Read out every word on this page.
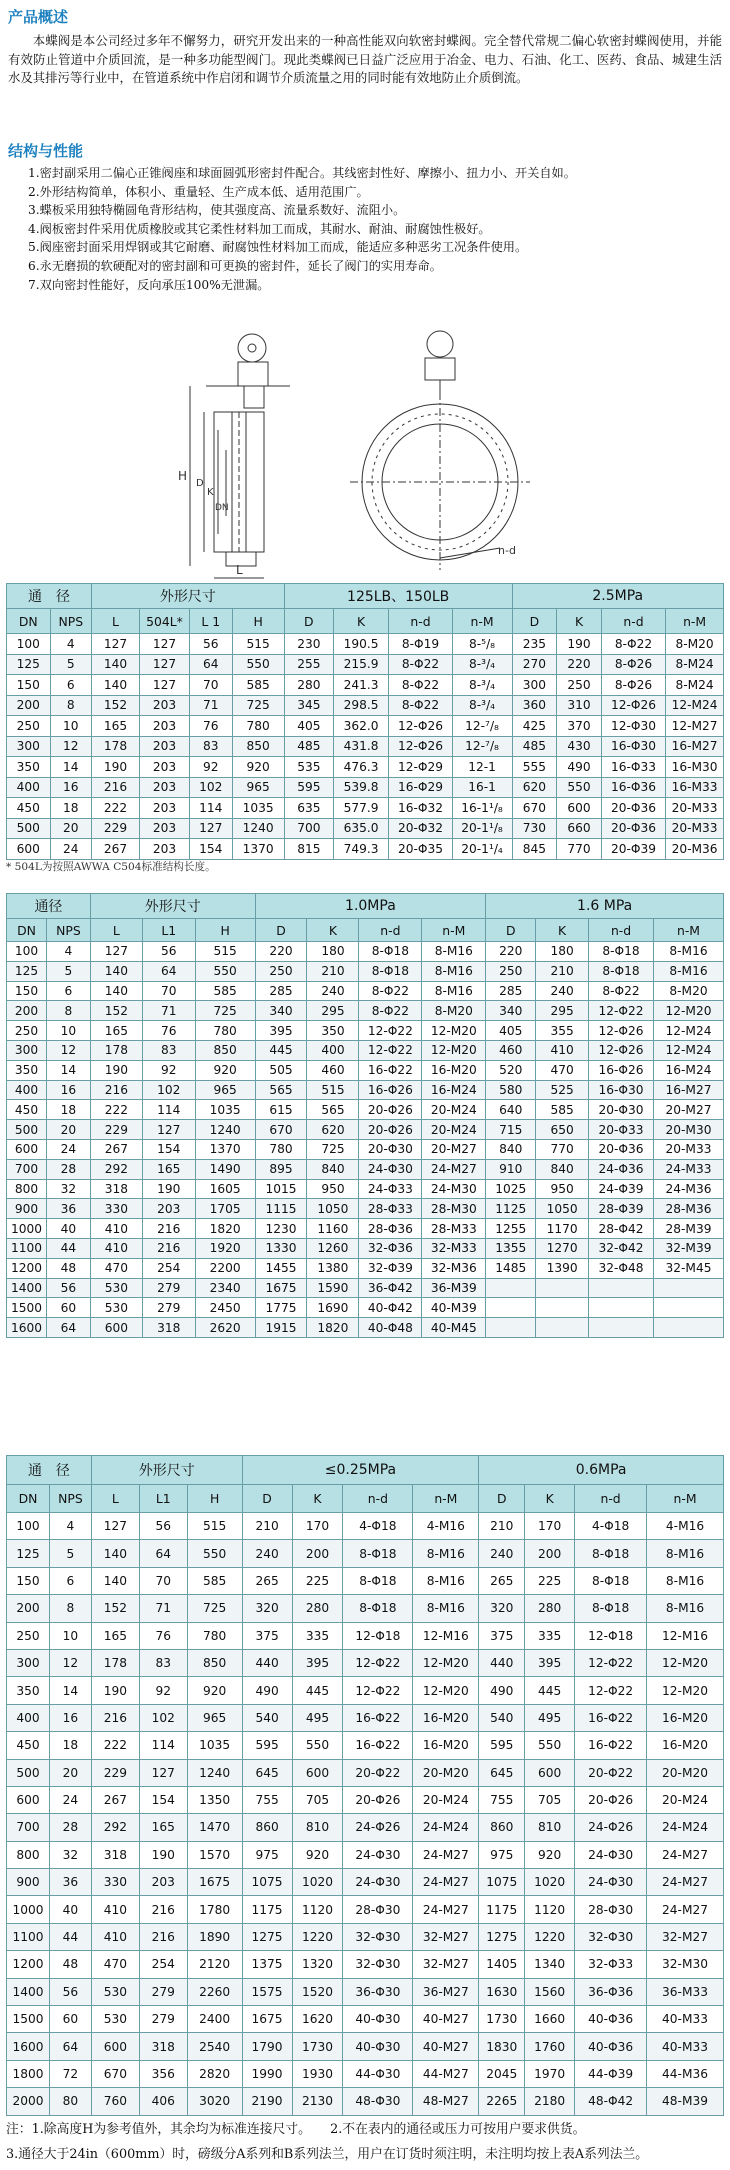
产品概述
本蝶阀是本公司经过多年不懈努力，研究开发出来的一种高性能双向软密封蝶阀。完全替代常规二偏心软密封蝶阀使用，并能有效防止管道中介质回流，是一种多功能型阀门。现此类蝶阀已日益广泛应用于冶金、电力、石油、化工、医药、食品、城建生活水及其排污等行业中，在管道系统中作启闭和调节介质流量之用的同时能有效地防止介质倒流。
结构与性能
1.密封副采用二偏心正锥阀座和球面圆弧形密封件配合。其线密封性好、摩擦小、扭力小、开关自如。
2.外形结构简单，体积小、重量轻、生产成本低、适用范围广。
3.蝶板采用独特椭圆龟背形结构，使其强度高、流量系数好、流阻小。
4.阀板密封件采用优质橡胶或其它柔性材料加工而成，其耐水、耐油、耐腐蚀性极好。
5.阀座密封面采用焊钢或其它耐磨、耐腐蚀性材料加工而成，能适应多种恶劣工况条件使用。
6.永无磨损的软硬配对的密封副和可更换的密封件，延长了阀门的实用寿命。
7.双向密封性能好，反向承压100%无泄漏。
H
D
K
DN
L
n-d
通　径		外形尺寸				125LB、150LB				2.5MPa			
DN	NPS	L	504L*	L 1	H	D	K	n-d	n-M	D	K	n-d	n-M
100	4	127	127	56	515	230	190.5	8-Φ19	8-⁵/₈	235	190	8-Φ22	8-M20
125	5	140	127	64	550	255	215.9	8-Φ22	8-³/₄	270	220	8-Φ26	8-M24
150	6	140	127	70	585	280	241.3	8-Φ22	8-³/₄	300	250	8-Φ26	8-M24
200	8	152	203	71	725	345	298.5	8-Φ22	8-³/₄	360	310	12-Φ26	12-M24
250	10	165	203	76	780	405	362.0	12-Φ26	12-⁷/₈	425	370	12-Φ30	12-M27
300	12	178	203	83	850	485	431.8	12-Φ26	12-⁷/₈	485	430	16-Φ30	16-M27
350	14	190	203	92	920	535	476.3	12-Φ29	12-1	555	490	16-Φ33	16-M30
400	16	216	203	102	965	595	539.8	16-Φ29	16-1	620	550	16-Φ36	16-M33
450	18	222	203	114	1035	635	577.9	16-Φ32	16-1¹/₈	670	600	20-Φ36	20-M33
500	20	229	203	127	1240	700	635.0	20-Φ32	20-1¹/₈	730	660	20-Φ36	20-M33
600	24	267	203	154	1370	815	749.3	20-Φ35	20-1¹/₄	845	770	20-Φ39	20-M36
* 504L为按照AWWA C504标准结构长度。
通径		外形尺寸			1.0MPa				1.6 MPa			
DN	NPS	L	L1	H	D	K	n-d	n-M	D	K	n-d	n-M
100	4	127	56	515	220	180	8-Φ18	8-M16	220	180	8-Φ18	8-M16
125	5	140	64	550	250	210	8-Φ18	8-M16	250	210	8-Φ18	8-M16
150	6	140	70	585	285	240	8-Φ22	8-M16	285	240	8-Φ22	8-M20
200	8	152	71	725	340	295	8-Φ22	8-M20	340	295	12-Φ22	12-M20
250	10	165	76	780	395	350	12-Φ22	12-M20	405	355	12-Φ26	12-M24
300	12	178	83	850	445	400	12-Φ22	12-M20	460	410	12-Φ26	12-M24
350	14	190	92	920	505	460	16-Φ22	16-M20	520	470	16-Φ26	16-M24
400	16	216	102	965	565	515	16-Φ26	16-M24	580	525	16-Φ30	16-M27
450	18	222	114	1035	615	565	20-Φ26	20-M24	640	585	20-Φ30	20-M27
500	20	229	127	1240	670	620	20-Φ26	20-M24	715	650	20-Φ33	20-M30
600	24	267	154	1370	780	725	20-Φ30	20-M27	840	770	20-Φ36	20-M33
700	28	292	165	1490	895	840	24-Φ30	24-M27	910	840	24-Φ36	24-M33
800	32	318	190	1605	1015	950	24-Φ33	24-M30	1025	950	24-Φ39	24-M36
900	36	330	203	1705	1115	1050	28-Φ33	28-M30	1125	1050	28-Φ39	28-M36
1000	40	410	216	1820	1230	1160	28-Φ36	28-M33	1255	1170	28-Φ42	28-M39
1100	44	410	216	1920	1330	1260	32-Φ36	32-M33	1355	1270	32-Φ42	32-M39
1200	48	470	254	2200	1455	1380	32-Φ39	32-M36	1485	1390	32-Φ48	32-M45
1400	56	530	279	2340	1675	1590	36-Φ42	36-M39				
1500	60	530	279	2450	1775	1690	40-Φ42	40-M39				
1600	64	600	318	2620	1915	1820	40-Φ48	40-M45				
通　径		外形尺寸			≤0.25MPa				0.6MPa			
DN	NPS	L	L1	H	D	K	n-d	n-M	D	K	n-d	n-M
100	4	127	56	515	210	170	4-Φ18	4-M16	210	170	4-Φ18	4-M16
125	5	140	64	550	240	200	8-Φ18	8-M16	240	200	8-Φ18	8-M16
150	6	140	70	585	265	225	8-Φ18	8-M16	265	225	8-Φ18	8-M16
200	8	152	71	725	320	280	8-Φ18	8-M16	320	280	8-Φ18	8-M16
250	10	165	76	780	375	335	12-Φ18	12-M16	375	335	12-Φ18	12-M16
300	12	178	83	850	440	395	12-Φ22	12-M20	440	395	12-Φ22	12-M20
350	14	190	92	920	490	445	12-Φ22	12-M20	490	445	12-Φ22	12-M20
400	16	216	102	965	540	495	16-Φ22	16-M20	540	495	16-Φ22	16-M20
450	18	222	114	1035	595	550	16-Φ22	16-M20	595	550	16-Φ22	16-M20
500	20	229	127	1240	645	600	20-Φ22	20-M20	645	600	20-Φ22	20-M20
600	24	267	154	1350	755	705	20-Φ26	20-M24	755	705	20-Φ26	20-M24
700	28	292	165	1470	860	810	24-Φ26	24-M24	860	810	24-Φ26	24-M24
800	32	318	190	1570	975	920	24-Φ30	24-M27	975	920	24-Φ30	24-M27
900	36	330	203	1675	1075	1020	24-Φ30	24-M27	1075	1020	24-Φ30	24-M27
1000	40	410	216	1780	1175	1120	28-Φ30	24-M27	1175	1120	28-Φ30	24-M27
1100	44	410	216	1890	1275	1220	32-Φ30	32-M27	1275	1220	32-Φ30	32-M27
1200	48	470	254	2120	1375	1320	32-Φ30	32-M27	1405	1340	32-Φ33	32-M30
1400	56	530	279	2260	1575	1520	36-Φ30	36-M27	1630	1560	36-Φ36	36-M33
1500	60	530	279	2400	1675	1620	40-Φ30	40-M27	1730	1660	40-Φ36	40-M33
1600	64	600	318	2540	1790	1730	40-Φ30	40-M27	1830	1760	40-Φ36	40-M33
1800	72	670	356	2820	1990	1930	44-Φ30	44-M27	2045	1970	44-Φ39	44-M36
2000	80	760	406	3020	2190	2130	48-Φ30	48-M27	2265	2180	48-Φ42	48-M39
注：1.除高度H为参考值外，其余均为标准连接尺寸。　　2.不在表内的通径或压力可按用户要求供货。
3.通径大于24in（600mm）时，磅级分A系列和B系列法兰，用户在订货时须注明，未注明均按上表A系列法兰。
